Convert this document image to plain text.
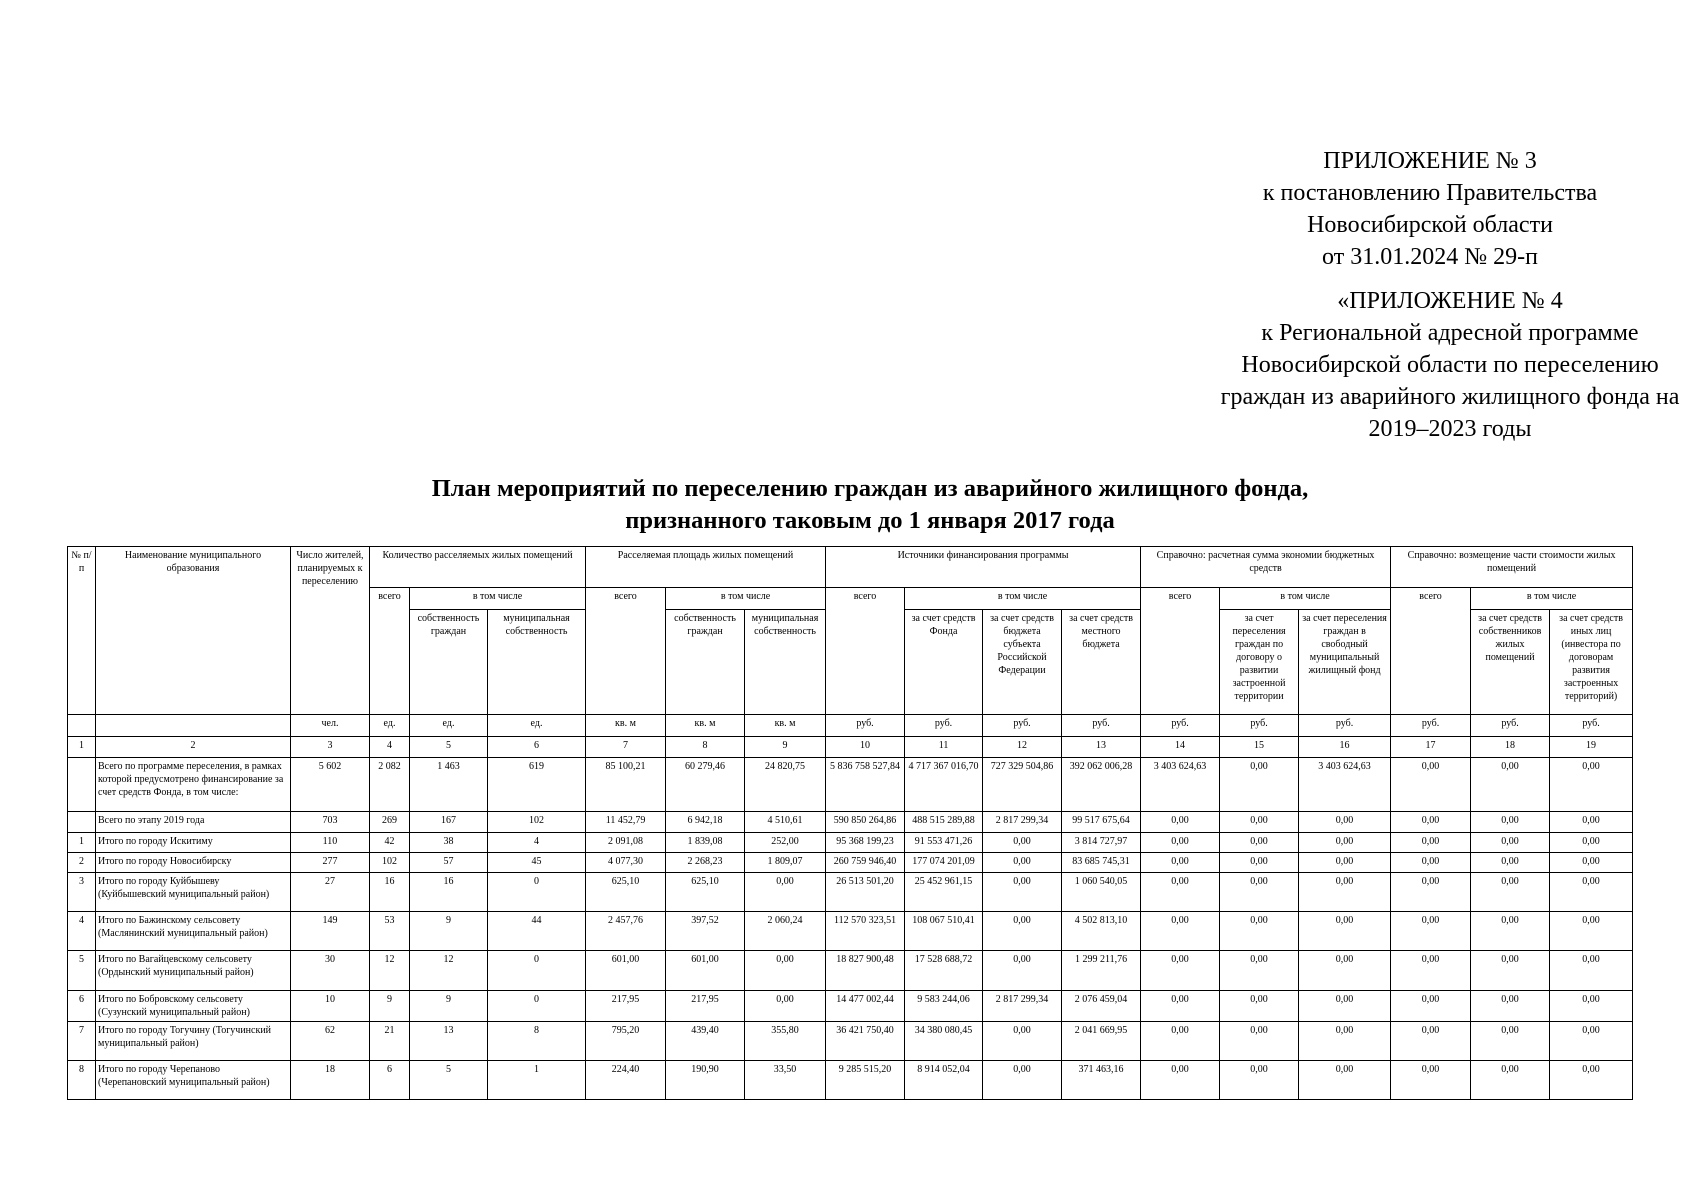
ПРИЛОЖЕНИЕ № 3
к постановлению Правительства
Новосибирской области
от 31.01.2024 № 29-п
«ПРИЛОЖЕНИЕ № 4
к Региональной адресной программе
Новосибирской области по переселению
граждан из аварийного жилищного фонда на
2019–2023 годы
План мероприятий по переселению граждан из аварийного жилищного фонда,
признанного таковым до 1 января 2017 года
№ п/п	Наименование муниципального образования	Число жителей, планируемых к переселению	Количество расселяемых жилых помещений			Расселяемая площадь жилых помещений			Источники финансирования программы				Справочно: расчетная сумма экономии бюджетных средств			Справочно: возмещение части стоимости жилых помещений		
			всего	в том числе		всего	в том числе		всего	в том числе			всего	в том числе		всего	в том числе	
				собственность граждан	муниципальная собственность		собственность граждан	муниципальная собственность		за счет средств Фонда	за счет средств бюджета субъекта Российской Федерации	за счет средств местного бюджета		за счет переселения граждан по договору о развитии застроенной территории	за счет переселения граждан в свободный муниципальный жилищный фонд		за счет средств собственников жилых помещений	за счет средств иных лиц (инвестора по договорам развития застроенных территорий)
		чел.	ед.	ед.	ед.	кв. м	кв. м	кв. м	руб.	руб.	руб.	руб.	руб.	руб.	руб.	руб.	руб.	руб.
1	2	3	4	5	6	7	8	9	10	11	12	13	14	15	16	17	18	19
	Всего по программе переселения, в рамках которой предусмотрено финансирование за счет средств Фонда, в том числе:	5 602	2 082	1 463	619	85 100,21	60 279,46	24 820,75	5 836 758 527,84	4 717 367 016,70	727 329 504,86	392 062 006,28	3 403 624,63	0,00	3 403 624,63	0,00	0,00	0,00
	Всего по этапу 2019 года	703	269	167	102	11 452,79	6 942,18	4 510,61	590 850 264,86	488 515 289,88	2 817 299,34	99 517 675,64	0,00	0,00	0,00	0,00	0,00	0,00
1	Итого по городу Искитиму	110	42	38	4	2 091,08	1 839,08	252,00	95 368 199,23	91 553 471,26	0,00	3 814 727,97	0,00	0,00	0,00	0,00	0,00	0,00
2	Итого по городу Новосибирску	277	102	57	45	4 077,30	2 268,23	1 809,07	260 759 946,40	177 074 201,09	0,00	83 685 745,31	0,00	0,00	0,00	0,00	0,00	0,00
3	Итого по городу Куйбышеву (Куйбышевский муниципальный район)	27	16	16	0	625,10	625,10	0,00	26 513 501,20	25 452 961,15	0,00	1 060 540,05	0,00	0,00	0,00	0,00	0,00	0,00
4	Итого по Бажинскому сельсовету (Маслянинский муниципальный район)	149	53	9	44	2 457,76	397,52	2 060,24	112 570 323,51	108 067 510,41	0,00	4 502 813,10	0,00	0,00	0,00	0,00	0,00	0,00
5	Итого по Вагайцевскому сельсовету (Ордынский муниципальный район)	30	12	12	0	601,00	601,00	0,00	18 827 900,48	17 528 688,72	0,00	1 299 211,76	0,00	0,00	0,00	0,00	0,00	0,00
6	Итого по Бобровскому сельсовету (Сузунский муниципальный район)	10	9	9	0	217,95	217,95	0,00	14 477 002,44	9 583 244,06	2 817 299,34	2 076 459,04	0,00	0,00	0,00	0,00	0,00	0,00
7	Итого по городу Тогучину (Тогучинский муниципальный район)	62	21	13	8	795,20	439,40	355,80	36 421 750,40	34 380 080,45	0,00	2 041 669,95	0,00	0,00	0,00	0,00	0,00	0,00
8	Итого по городу Черепаново (Черепановский муниципальный район)	18	6	5	1	224,40	190,90	33,50	9 285 515,20	8 914 052,04	0,00	371 463,16	0,00	0,00	0,00	0,00	0,00	0,00
